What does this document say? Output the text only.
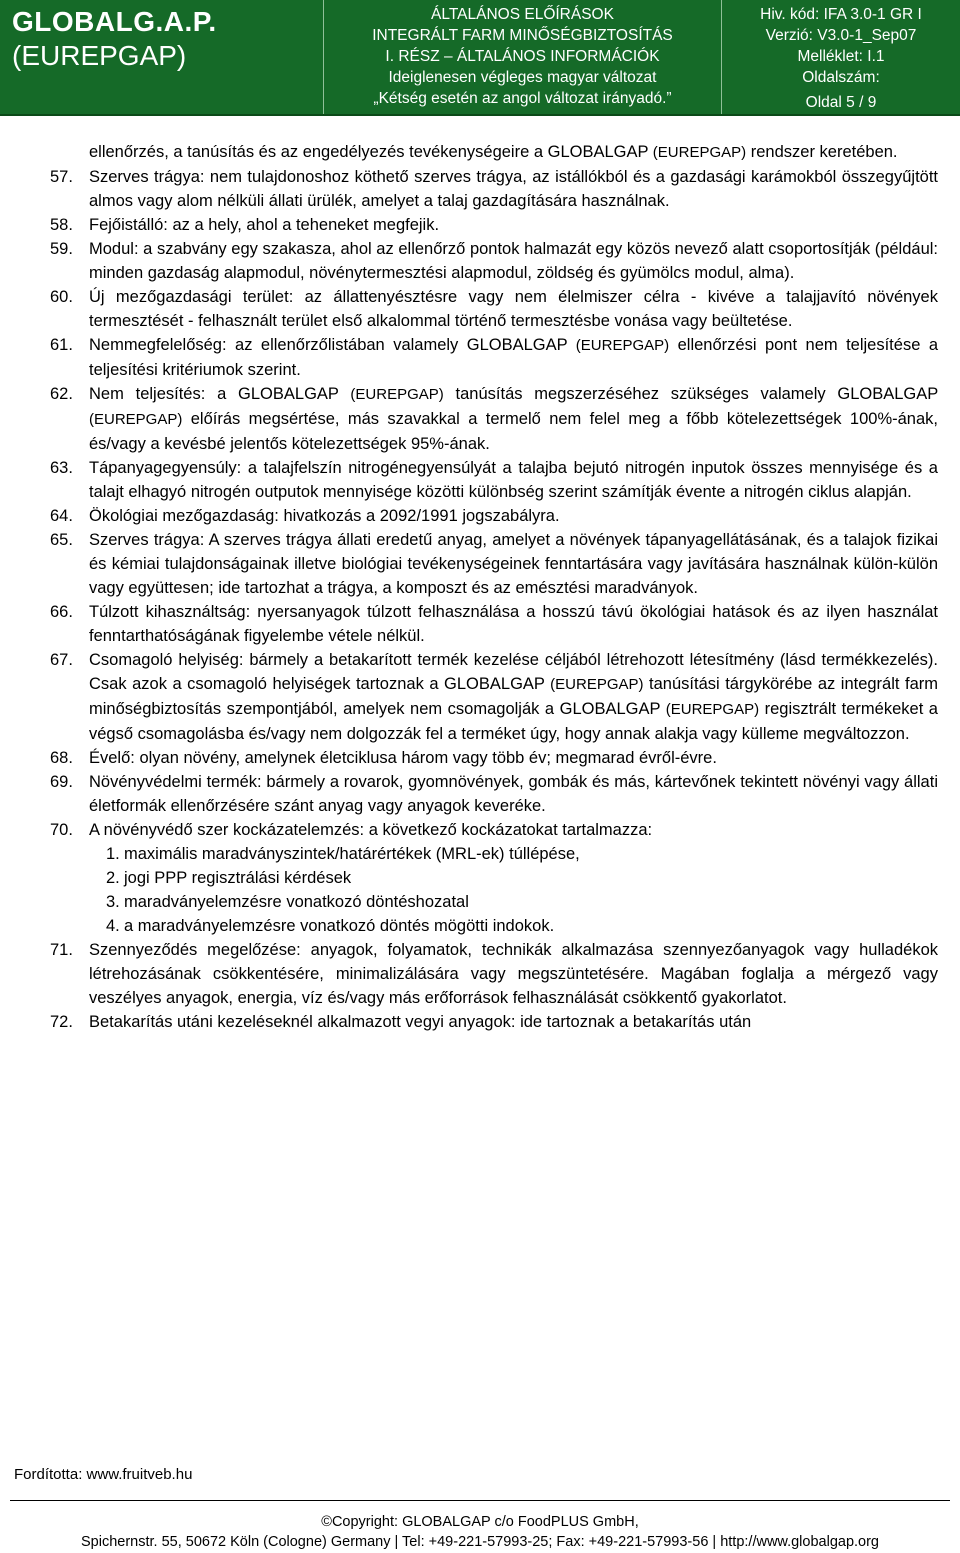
GLOBALG.A.P.
(EUREPGAP)
ÁLTALÁNOS ELŐÍRÁSOK
INTEGRÁLT FARM MINŐSÉGBIZTOSÍTÁS
I. RÉSZ – ÁLTALÁNOS INFORMÁCIÓK
Ideiglenesen végleges magyar változat
„Kétség esetén az angol változat irányadó.”
Hiv. kód: IFA 3.0-1 GR I
Verzió: V3.0-1_Sep07
Melléklet: I.1
Oldalszám:
Oldal 5 / 9

ellenőrzés, a tanúsítás és az engedélyezés tevékenységeire a GLOBALGAP (EUREPGAP) rendszer keretében.

57. Szerves trágya: nem tulajdonoshoz köthető szerves trágya, az istállókból és a gazdasági karámokból összegyűjtött almos vagy alom nélküli állati ürülék, amelyet a talaj gazdagítására használnak.

58. Fejőistálló: az a hely, ahol a teheneket megfejik.

59. Modul: a szabvány egy szakasza, ahol az ellenőrző pontok halmazát egy közös nevező alatt csoportosítják (például: minden gazdaság alapmodul, növénytermesztési alapmodul, zöldség és gyümölcs modul, alma).

60. Új mezőgazdasági terület: az állattenyésztésre vagy nem élelmiszer célra - kivéve a talajjavító növények termesztését - felhasznált terület első alkalommal történő termesztésbe vonása vagy beültetése.

61. Nemmegfelelőség: az ellenőrzőlistában valamely GLOBALGAP (EUREPGAP) ellenőrzési pont nem teljesítése a teljesítési kritériumok szerint.

62. Nem teljesítés: a GLOBALGAP (EUREPGAP) tanúsítás megszerzéséhez szükséges valamely GLOBALGAP (EUREPGAP) előírás megsértése, más szavakkal a termelő nem felel meg a főbb kötelezettségek 100%-ának, és/vagy a kevésbé jelentős kötelezettségek 95%-ának.

63. Tápanyagegyensúly: a talajfelszín nitrogénegyensúlyát a talajba bejutó nitrogén inputok összes mennyisége és a talajt elhagyó nitrogén outputok mennyisége közötti különbség szerint számítják évente a nitrogén ciklus alapján.

64. Ökológiai mezőgazdaság: hivatkozás a 2092/1991 jogszabályra.

65. Szerves trágya: A szerves trágya állati eredetű anyag, amelyet a növények tápanyagellátásának, és a talajok fizikai és kémiai tulajdonságainak illetve biológiai tevékenységeinek fenntartására vagy javítására használnak külön-külön vagy együttesen; ide tartozhat a trágya, a komposzt és az emésztési maradványok.

66. Túlzott kihasználtság: nyersanyagok túlzott felhasználása a hosszú távú ökológiai hatások és az ilyen használat fenntarthatóságának figyelembe vétele nélkül.

67. Csomagoló helyiség: bármely a betakarított termék kezelése céljából létrehozott létesítmény (lásd termékkezelés). Csak azok a csomagoló helyiségek tartoznak a GLOBALGAP (EUREPGAP) tanúsítási tárgykörébe az integrált farm minőségbiztosítás szempontjából, amelyek nem csomagolják a GLOBALGAP (EUREPGAP) regisztrált termékeket a végső csomagolásba és/vagy nem dolgozzák fel a terméket úgy, hogy annak alakja vagy külleme megváltozzon.

68. Évelő: olyan növény, amelynek életciklusa három vagy több év; megmarad évről-évre.

69. Növényvédelmi termék: bármely a rovarok, gyomnövények, gombák és más, kártevőnek tekintett növényi vagy állati életformák ellenőrzésére szánt anyag vagy anyagok keveréke.

70. A növényvédő szer kockázatelemzés: a következő kockázatokat tartalmazza:

1. maximális maradványszintek/határértékek (MRL-ek) túllépése,

2. jogi PPP regisztrálási kérdések

3. maradványelemzésre vonatkozó döntéshozatal

4. a maradványelemzésre vonatkozó döntés mögötti indokok.

71. Szennyeződés megelőzése: anyagok, folyamatok, technikák alkalmazása szennyezőanyagok vagy hulladékok létrehozásának csökkentésére, minimalizálására vagy megszüntetésére. Magában foglalja a mérgező vagy veszélyes anyagok, energia, víz és/vagy más erőforrások felhasználását csökkentő gyakorlatot.

72. Betakarítás utáni kezeléseknél alkalmazott vegyi anyagok: ide tartoznak a betakarítás után

Fordította: www.fruitveb.hu
©Copyright: GLOBALGAP c/o FoodPLUS GmbH,
Spichernstr. 55, 50672 Köln (Cologne) Germany | Tel: +49-221-57993-25; Fax: +49-221-57993-56 | http://www.globalgap.org
